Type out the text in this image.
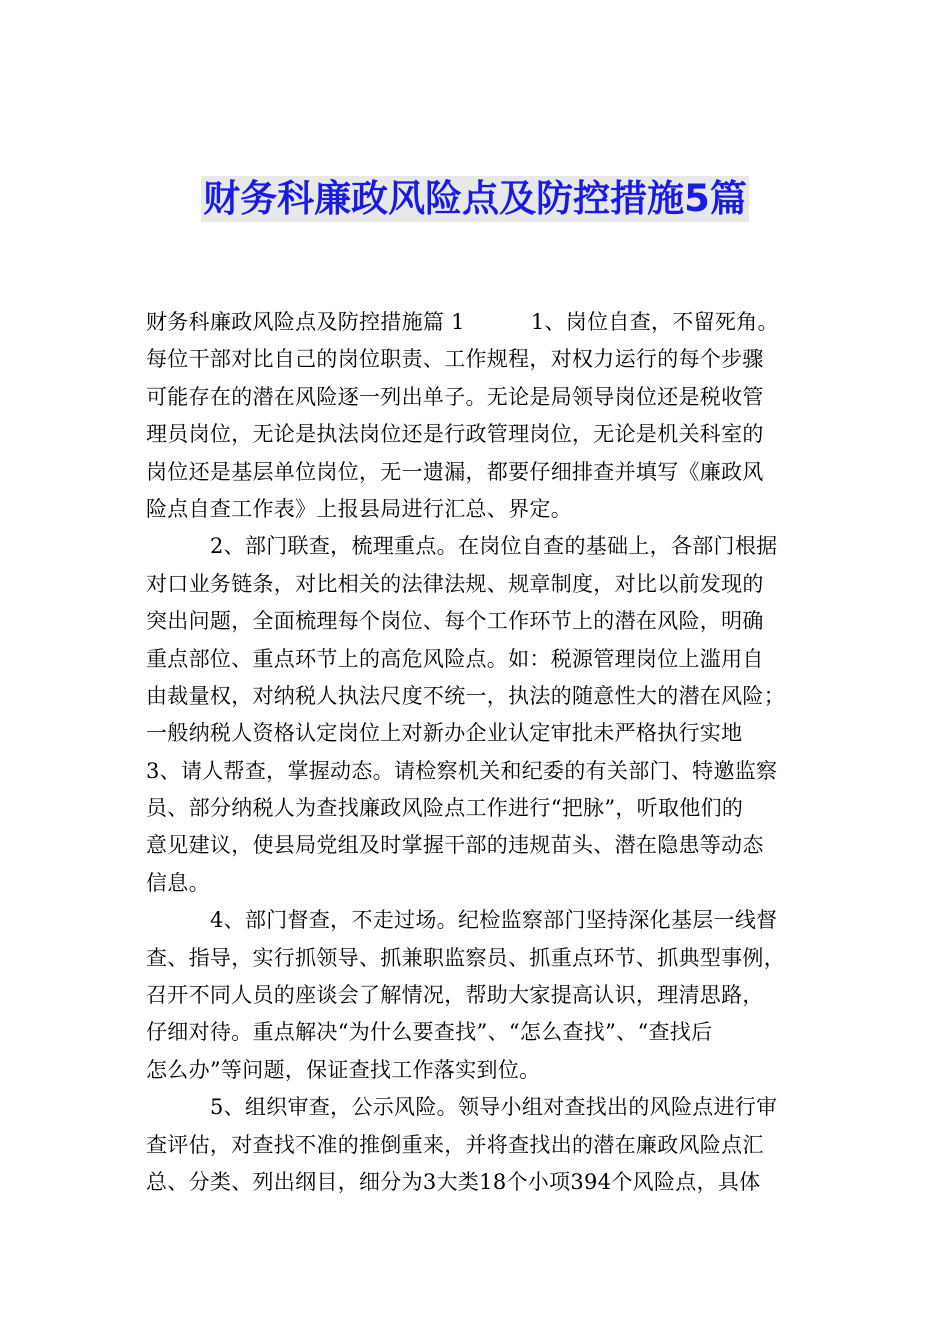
财务科廉政风险点及防控措施5篇
财务科廉政风险点及防控措施篇 1	1、岗位自查，不留死角。
每位干部对比自己的岗位职责、工作规程，对权力运行的每个步骤
可能存在的潜在风险逐一列出单子。无论是局领导岗位还是税收管
理员岗位，无论是执法岗位还是行政管理岗位，无论是机关科室的
岗位还是基层单位岗位，无一遗漏，都要仔细排查并填写《廉政风
险点自查工作表》上报县局进行汇总、界定。
2、部门联查，梳理重点。在岗位自查的基础上，各部门根据
对口业务链条，对比相关的法律法规、规章制度，对比以前发现的
突出问题，全面梳理每个岗位、每个工作环节上的潜在风险，明确
重点部位、重点环节上的高危风险点。如：税源管理岗位上滥用自
由裁量权，对纳税人执法尺度不统一，执法的随意性大的潜在风险；
一般纳税人资格认定岗位上对新办企业认定审批未严格执行实地
3、请人帮查，掌握动态。请检察机关和纪委的有关部门、特邀监察
员、部分纳税人为查找廉政风险点工作进行“把脉”，听取他们的
意见建议，使县局党组及时掌握干部的违规苗头、潜在隐患等动态
信息。
4、部门督查，不走过场。纪检监察部门坚持深化基层一线督
查、指导，实行抓领导、抓兼职监察员、抓重点环节、抓典型事例，
召开不同人员的座谈会了解情况，帮助大家提高认识，理清思路，
仔细对待。重点解决“为什么要查找”、“怎么查找”、“查找后
怎么办”等问题，保证查找工作落实到位。
5、组织审查，公示风险。领导小组对查找出的风险点进行审
查评估，对查找不准的推倒重来，并将查找出的潜在廉政风险点汇
总、分类、列出纲目，细分为3大类18个小项394个风险点，具体
